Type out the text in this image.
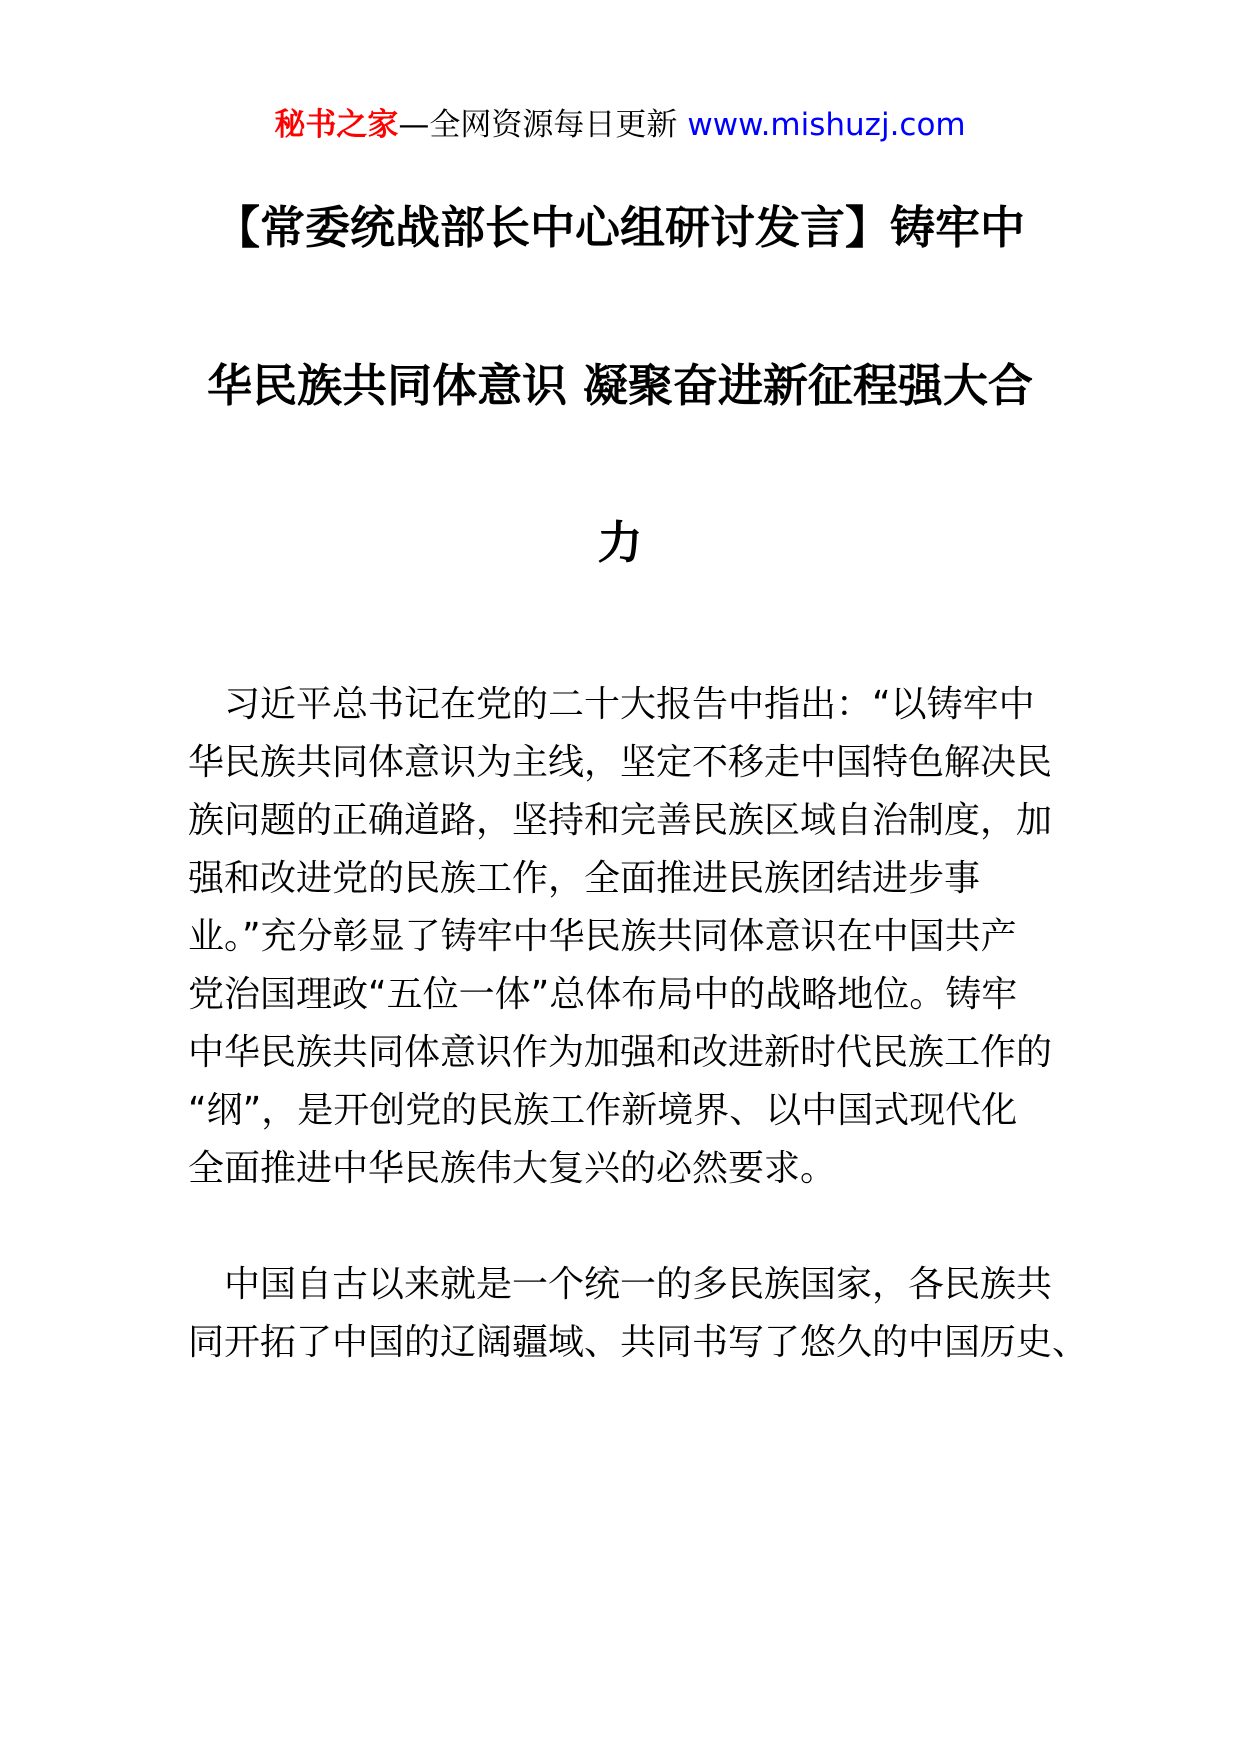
秘书之家—全网资源每日更新 www.mishuzj.com
【常委统战部长中心组研讨发言】铸牢中
华民族共同体意识 凝聚奋进新征程强大合
力
　习近平总书记在党的二十大报告中指出：“以铸牢中
华民族共同体意识为主线，坚定不移走中国特色解决民
族问题的正确道路，坚持和完善民族区域自治制度，加
强和改进党的民族工作，全面推进民族团结进步事
业。”充分彰显了铸牢中华民族共同体意识在中国共产
党治国理政“五位一体”总体布局中的战略地位。铸牢
中华民族共同体意识作为加强和改进新时代民族工作的
“纲”，是开创党的民族工作新境界、以中国式现代化
全面推进中华民族伟大复兴的必然要求。
　中国自古以来就是一个统一的多民族国家，各民族共
同开拓了中国的辽阔疆域、共同书写了悠久的中国历史、
